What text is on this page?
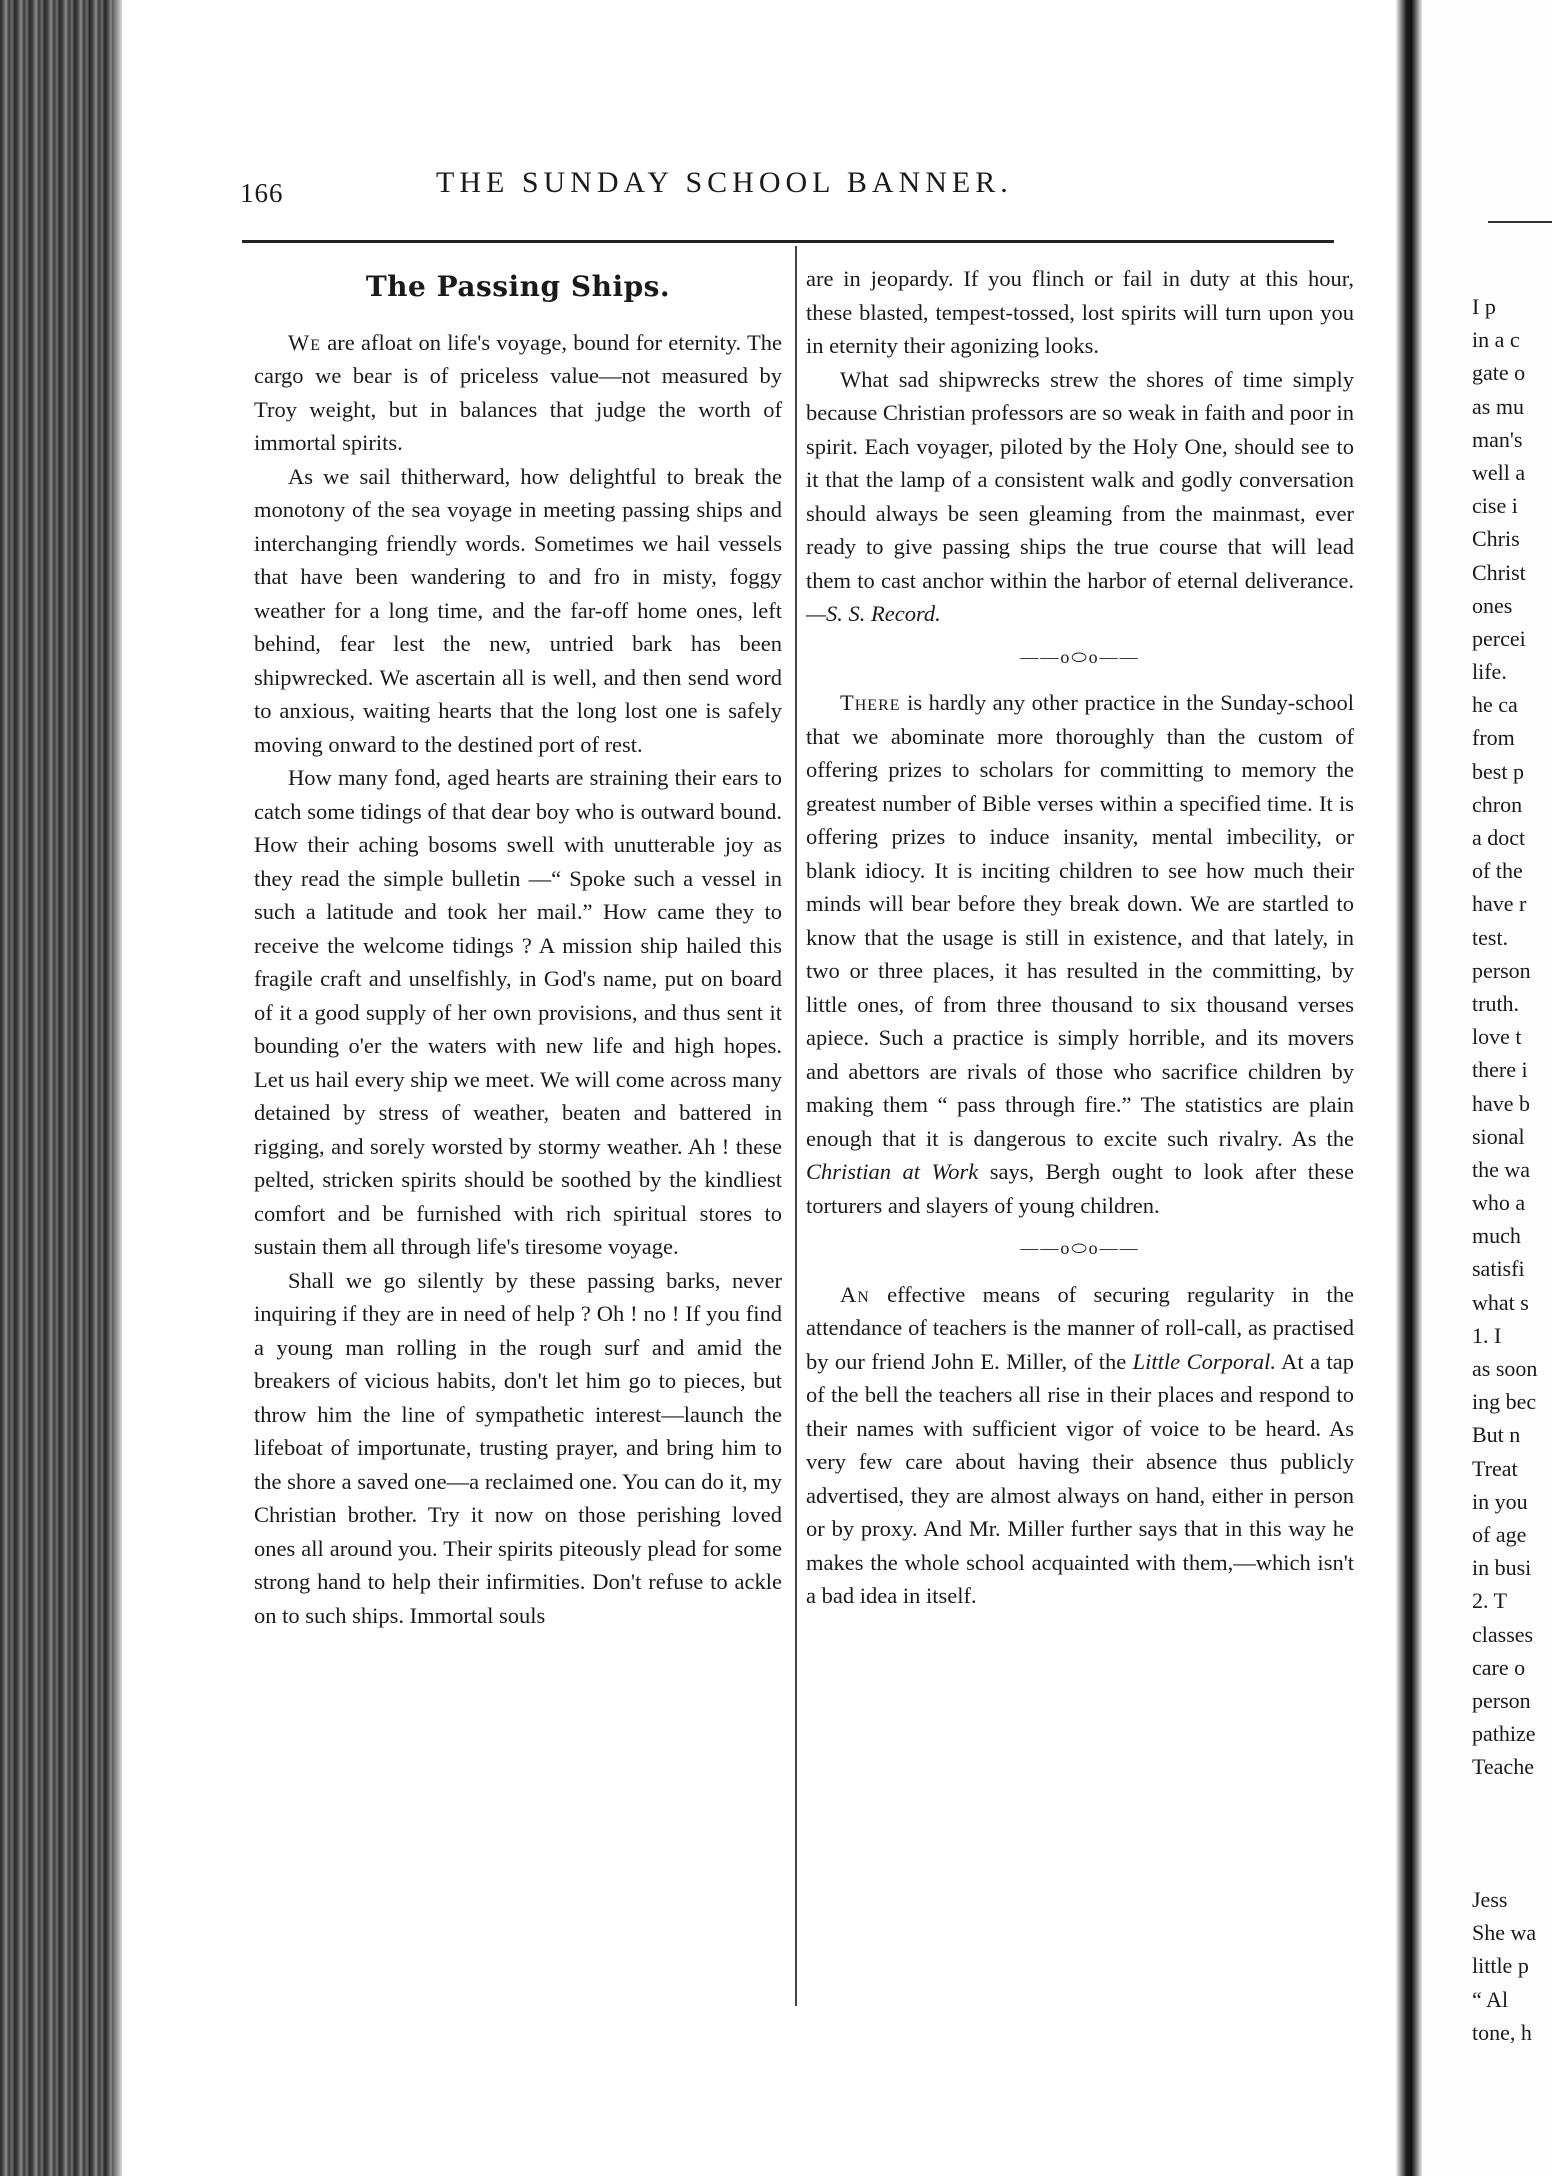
I p
in a c
gate o
as mu
man's
well a
cise i
Chris
Christ
ones
percei
life.
he ca
from
best p
chron
a doct
of the
have r
test.
person
truth.
love t
there i
have b
sional
the wa
who a
much
satisfi
what s
1. I
as soon
ing bec
But n
Treat
in you
of age
in busi
2. T
classes
care o
person
pathize
Teache
Jess
She wa
little p
“ Al
tone, h
166	THE SUNDAY SCHOOL BANNER.
The Passing Ships.

We are afloat on life's voyage, bound for eternity. The cargo we bear is of priceless value—not measured by Troy weight, but in balances that judge the worth of immortal spirits.

As we sail thitherward, how delightful to break the monotony of the sea voyage in meeting passing ships and interchanging friendly words. Sometimes we hail vessels that have been wandering to and fro in misty, foggy weather for a long time, and the far-off home ones, left behind, fear lest the new, untried bark has been shipwrecked. We ascertain all is well, and then send word to anxious, waiting hearts that the long lost one is safely moving onward to the destined port of rest.

How many fond, aged hearts are straining their ears to catch some tidings of that dear boy who is outward bound. How their aching bosoms swell with unutterable joy as they read the simple bulletin —“ Spoke such a vessel in such a latitude and took her mail.” How came they to receive the welcome tidings ? A mission ship hailed this fragile craft and unselfishly, in God's name, put on board of it a good supply of her own provisions, and thus sent it bounding o'er the waters with new life and high hopes. Let us hail every ship we meet. We will come across many detained by stress of weather, beaten and battered in rigging, and sorely worsted by stormy weather. Ah ! these pelted, stricken spirits should be soothed by the kindliest comfort and be furnished with rich spiritual stores to sustain them all through life's tiresome voyage.

Shall we go silently by these passing barks, never inquiring if they are in need of help ? Oh ! no ! If you find a young man rolling in the rough surf and amid the breakers of vicious habits, don't let him go to pieces, but throw him the line of sympathetic interest—launch the lifeboat of importunate, trusting prayer, and bring him to the shore a saved one—a reclaimed one. You can do it, my Christian brother. Try it now on those perishing loved ones all around you. Their spirits piteously plead for some strong hand to help their infirmities. Don't refuse to ackle on to such ships. Immortal souls

are in jeopardy. If you flinch or fail in duty at this hour, these blasted, tempest-tossed, lost spirits will turn upon you in eternity their agonizing looks.

What sad shipwrecks strew the shores of time simply because Christian professors are so weak in faith and poor in spirit. Each voyager, piloted by the Holy One, should see to it that the lamp of a consistent walk and godly conversation should always be seen gleaming from the mainmast, ever ready to give passing ships the true course that will lead them to cast anchor within the harbor of eternal deliverance.—S. S. Record.

——o⬭o——

There is hardly any other practice in the Sunday-school that we abominate more thoroughly than the custom of offering prizes to scholars for committing to memory the greatest number of Bible verses within a specified time. It is offering prizes to induce insanity, mental imbecility, or blank idiocy. It is inciting children to see how much their minds will bear before they break down. We are startled to know that the usage is still in existence, and that lately, in two or three places, it has resulted in the committing, by little ones, of from three thousand to six thousand verses apiece. Such a practice is simply horrible, and its movers and abettors are rivals of those who sacrifice children by making them “ pass through fire.” The statistics are plain enough that it is dangerous to excite such rivalry. As the Christian at Work says, Bergh ought to look after these torturers and slayers of young children.

——o⬭o——

An effective means of securing regularity in the attendance of teachers is the manner of roll-call, as practised by our friend John E. Miller, of the Little Corporal. At a tap of the bell the teachers all rise in their places and respond to their names with sufficient vigor of voice to be heard. As very few care about having their absence thus publicly advertised, they are almost always on hand, either in person or by proxy. And Mr. Miller further says that in this way he makes the whole school acquainted with them,—which isn't a bad idea in itself.
